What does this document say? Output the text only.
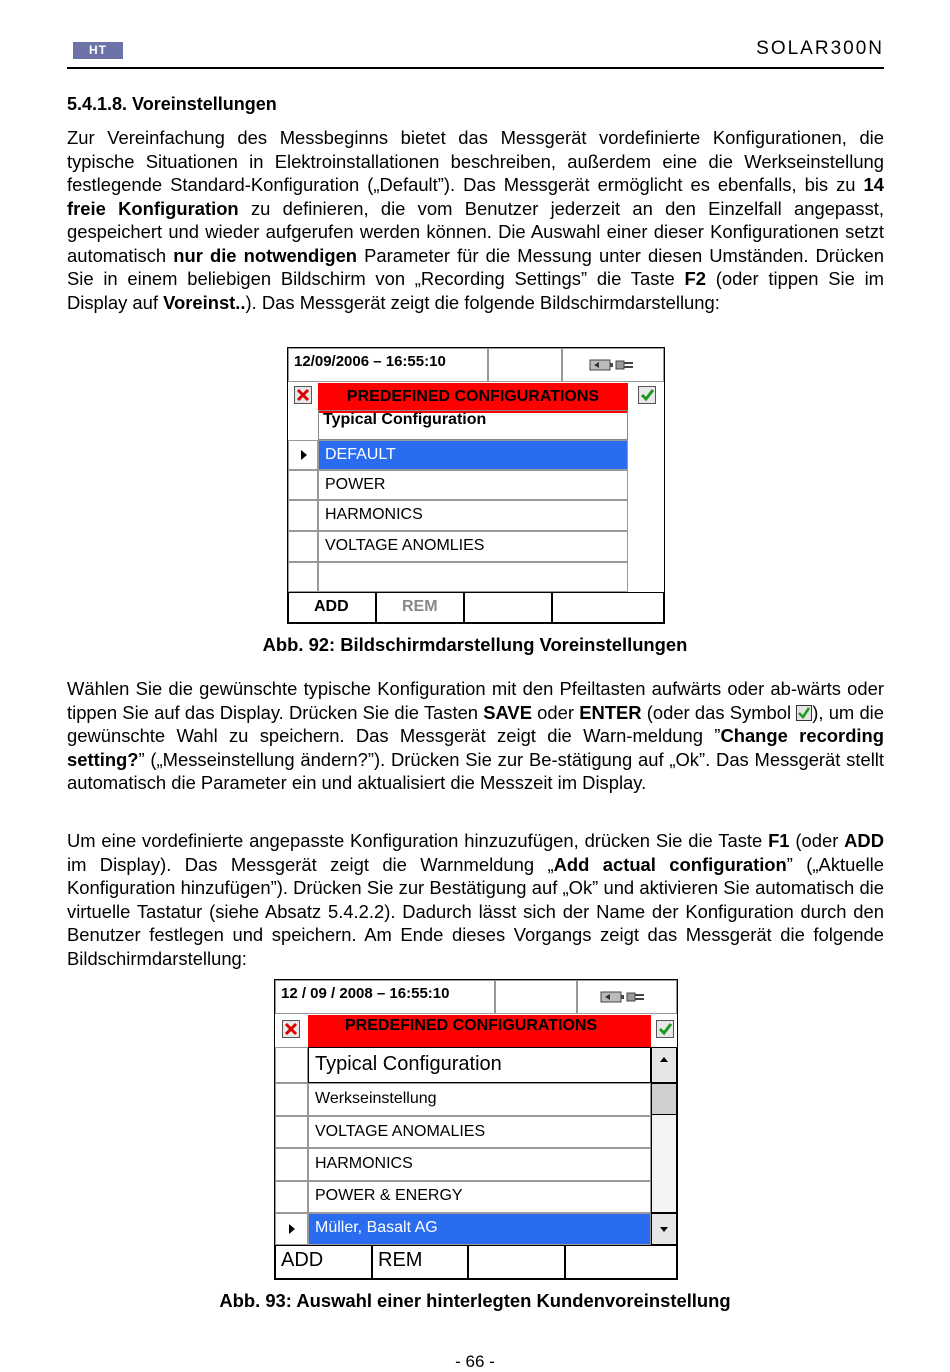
HT	SOLAR300N
5.4.1.8. Voreinstellungen
Zur Vereinfachung des Messbeginns bietet das Messgerät vordefinierte Konfigurationen, die typische Situationen in Elektroinstallationen beschreiben, außerdem eine die Werkseinstellung festlegende Standard-Konfiguration („Default”). Das Messgerät ermöglicht es ebenfalls, bis zu 14 freie Konfiguration zu definieren, die vom Benutzer jederzeit an den Einzelfall angepasst, gespeichert und wieder aufgerufen werden können. Die Auswahl einer dieser Konfigurationen setzt automatisch nur die notwendigen Parameter für die Messung unter diesen Umständen. Drücken Sie in einem beliebigen Bildschirm von „Recording Settings” die Taste F2 (oder tippen Sie im Display auf Voreinst..). Das Messgerät zeigt die folgende Bildschirmdarstellung:
12/09/2006 – 16:55:10
PREDEFINED CONFIGURATIONS
Typical Configuration
DEFAULT
POWER
HARMONICS
VOLTAGE ANOMLIES
ADD	REM
Abb. 92: Bildschirmdarstellung Voreinstellungen
Wählen Sie die gewünschte typische Konfiguration mit den Pfeiltasten aufwärts oder ab-wärts oder tippen Sie auf das Display. Drücken Sie die Tasten SAVE oder ENTER (oder das Symbol
), um die gewünschte Wahl zu speichern. Das Messgerät zeigt die Warn-meldung ”Change recording setting?” („Messeinstellung ändern?”). Drücken Sie zur Be-stätigung auf „Ok”. Das Messgerät stellt automatisch die Parameter ein und aktualisiert die Messzeit im Display.
Um eine vordefinierte angepasste Konfiguration hinzuzufügen, drücken Sie die Taste F1 (oder ADD im Display). Das Messgerät zeigt die Warnmeldung „Add actual configuration” („Aktuelle Konfiguration hinzufügen”). Drücken Sie zur Bestätigung auf „Ok” und aktivieren Sie automatisch die virtuelle Tastatur (siehe Absatz 5.4.2.2). Dadurch lässt sich der Name der Konfiguration durch den Benutzer festlegen und speichern. Am Ende dieses Vorgangs zeigt das Messgerät die folgende Bildschirmdarstellung:
12 / 09 / 2008 – 16:55:10
PREDEFINED CONFIGURATIONS
Typical Configuration
Werkseinstellung
VOLTAGE ANOMALIES
HARMONICS
POWER & ENERGY
Müller, Basalt AG
ADD	REM
Abb. 93: Auswahl einer hinterlegten Kundenvoreinstellung
- 66 -
